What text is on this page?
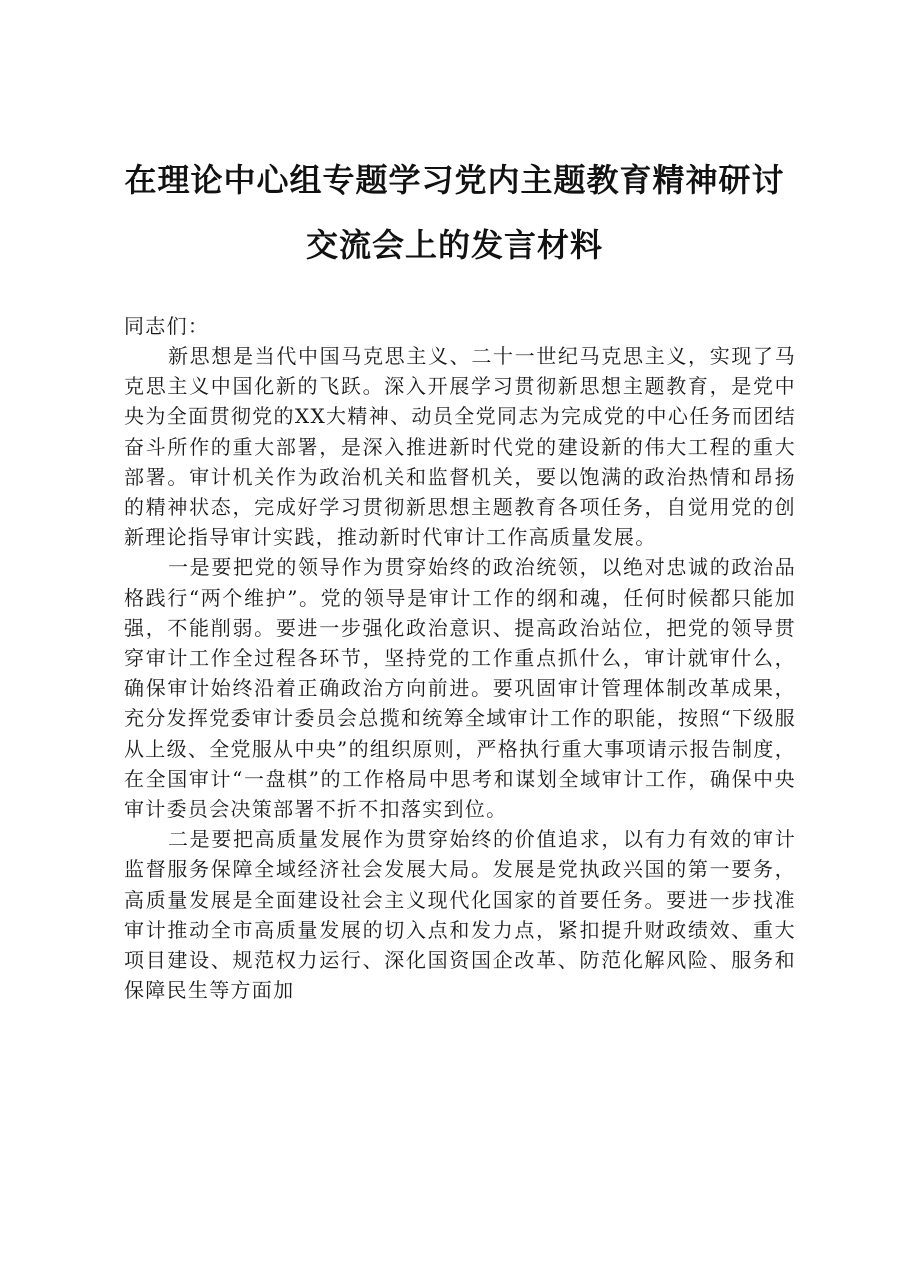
在理论中心组专题学习党内主题教育精神研讨
交流会上的发言材料
同志们：

新思想是当代中国马克思主义、二十一世纪马克思主义，实现了马克思主义中国化新的飞跃。深入开展学习贯彻新思想主题教育，是党中央为全面贯彻党的XX大精神、动员全党同志为完成党的中心任务而团结奋斗所作的重大部署，是深入推进新时代党的建设新的伟大工程的重大部署。审计机关作为政治机关和监督机关，要以饱满的政治热情和昂扬的精神状态，完成好学习贯彻新思想主题教育各项任务，自觉用党的创新理论指导审计实践，推动新时代审计工作高质量发展。

一是要把党的领导作为贯穿始终的政治统领，以绝对忠诚的政治品格践行“两个维护”。党的领导是审计工作的纲和魂，任何时候都只能加强，不能削弱。要进一步强化政治意识、提高政治站位，把党的领导贯穿审计工作全过程各环节，坚持党的工作重点抓什么，审计就审什么，确保审计始终沿着正确政治方向前进。要巩固审计管理体制改革成果，充分发挥党委审计委员会总揽和统筹全域审计工作的职能，按照“下级服从上级、全党服从中央”的组织原则，严格执行重大事项请示报告制度，在全国审计“一盘棋”的工作格局中思考和谋划全域审计工作，确保中央审计委员会决策部署不折不扣落实到位。

二是要把高质量发展作为贯穿始终的价值追求，以有力有效的审计监督服务保障全域经济社会发展大局。发展是党执政兴国的第一要务，高质量发展是全面建设社会主义现代化国家的首要任务。要进一步找准审计推动全市高质量发展的切入点和发力点，紧扣提升财政绩效、重大项目建设、规范权力运行、深化国资国企改革、防范化解风险、服务和保障民生等方面加
